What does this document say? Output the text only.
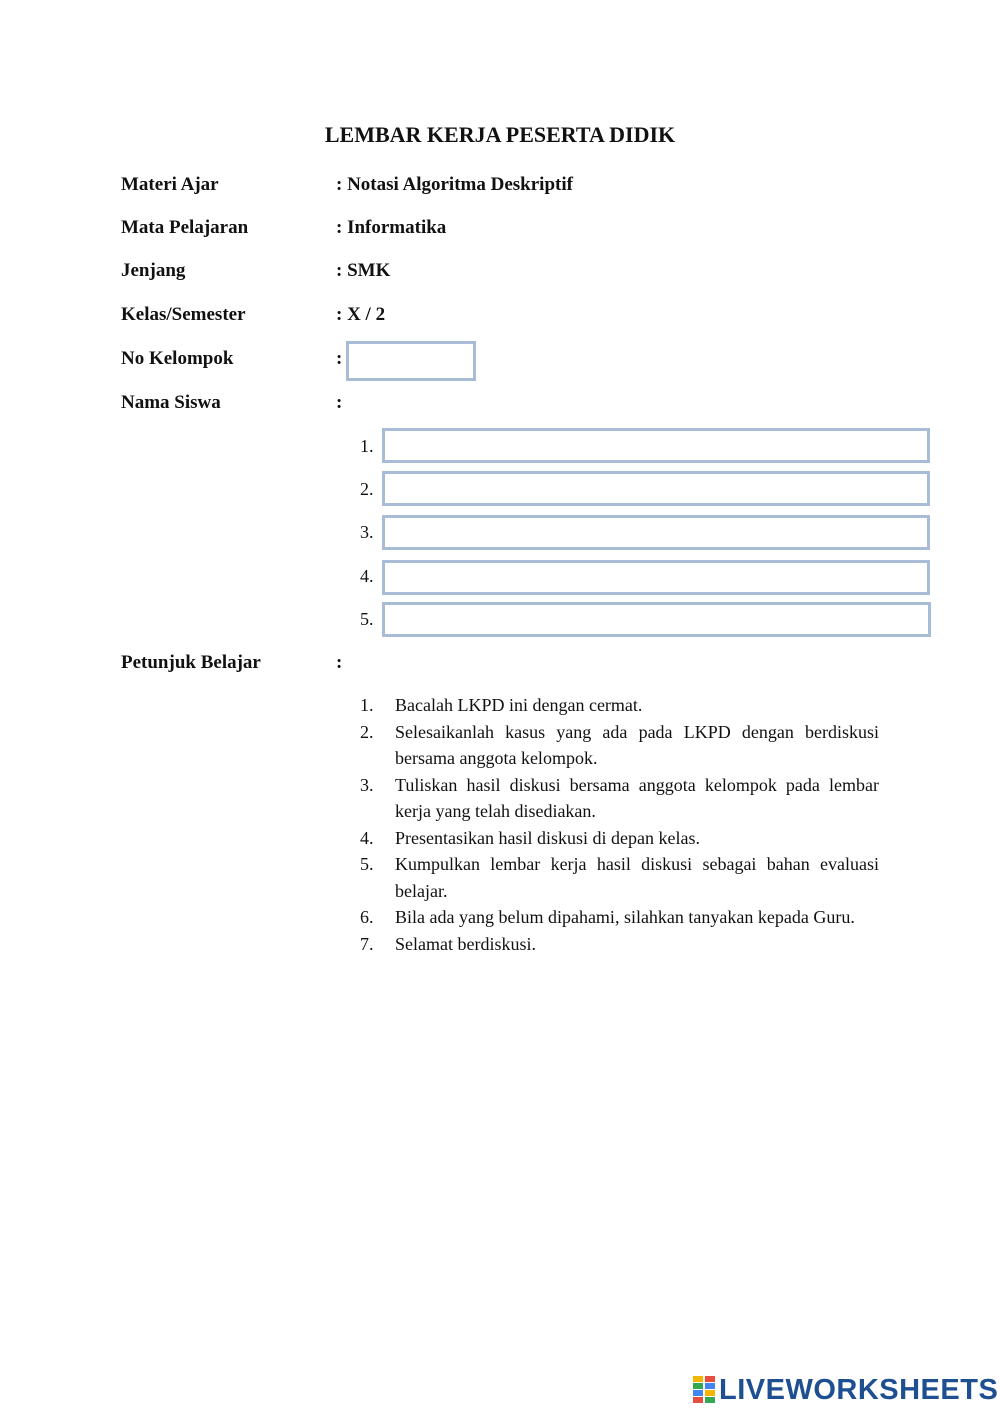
LEMBAR KERJA PESERTA DIDIK
Materi Ajar	: Notasi Algoritma Deskriptif
Mata Pelajaran	: Informatika
Jenjang	: SMK
Kelas/Semester	: X / 2
No Kelompok	:
Nama Siswa	:
1.
2.
3.
4.
5.
Petunjuk Belajar	:
1. Bacalah LKPD ini dengan cermat.
2. Selesaikanlah kasus yang ada pada LKPD dengan berdiskusi bersama anggota kelompok.
3. Tuliskan hasil diskusi bersama anggota kelompok pada lembar kerja yang telah disediakan.
4. Presentasikan hasil diskusi di depan kelas.
5. Kumpulkan lembar kerja hasil diskusi sebagai bahan evaluasi belajar.
6. Bila ada yang belum dipahami, silahkan tanyakan kepada Guru.
7. Selamat berdiskusi.
LIVEWORKSHEETS
